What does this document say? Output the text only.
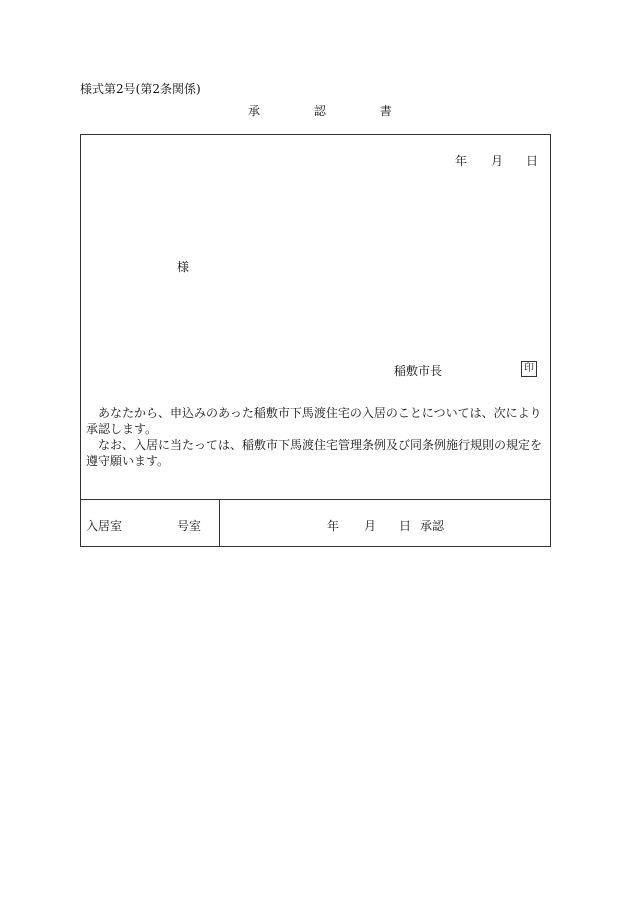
様式第2号(第2条関係)
承	認	書
年 月 日
様
稲敷市長	印

あなたから、申込みのあった稲敷市下馬渡住宅の入居のことについては、次により承認します。

なお、入居に当たっては、稲敷市下馬渡住宅管理条例及び同条例施行規則の規定を遵守願います。

入居室	号室	年 月 日 承認
